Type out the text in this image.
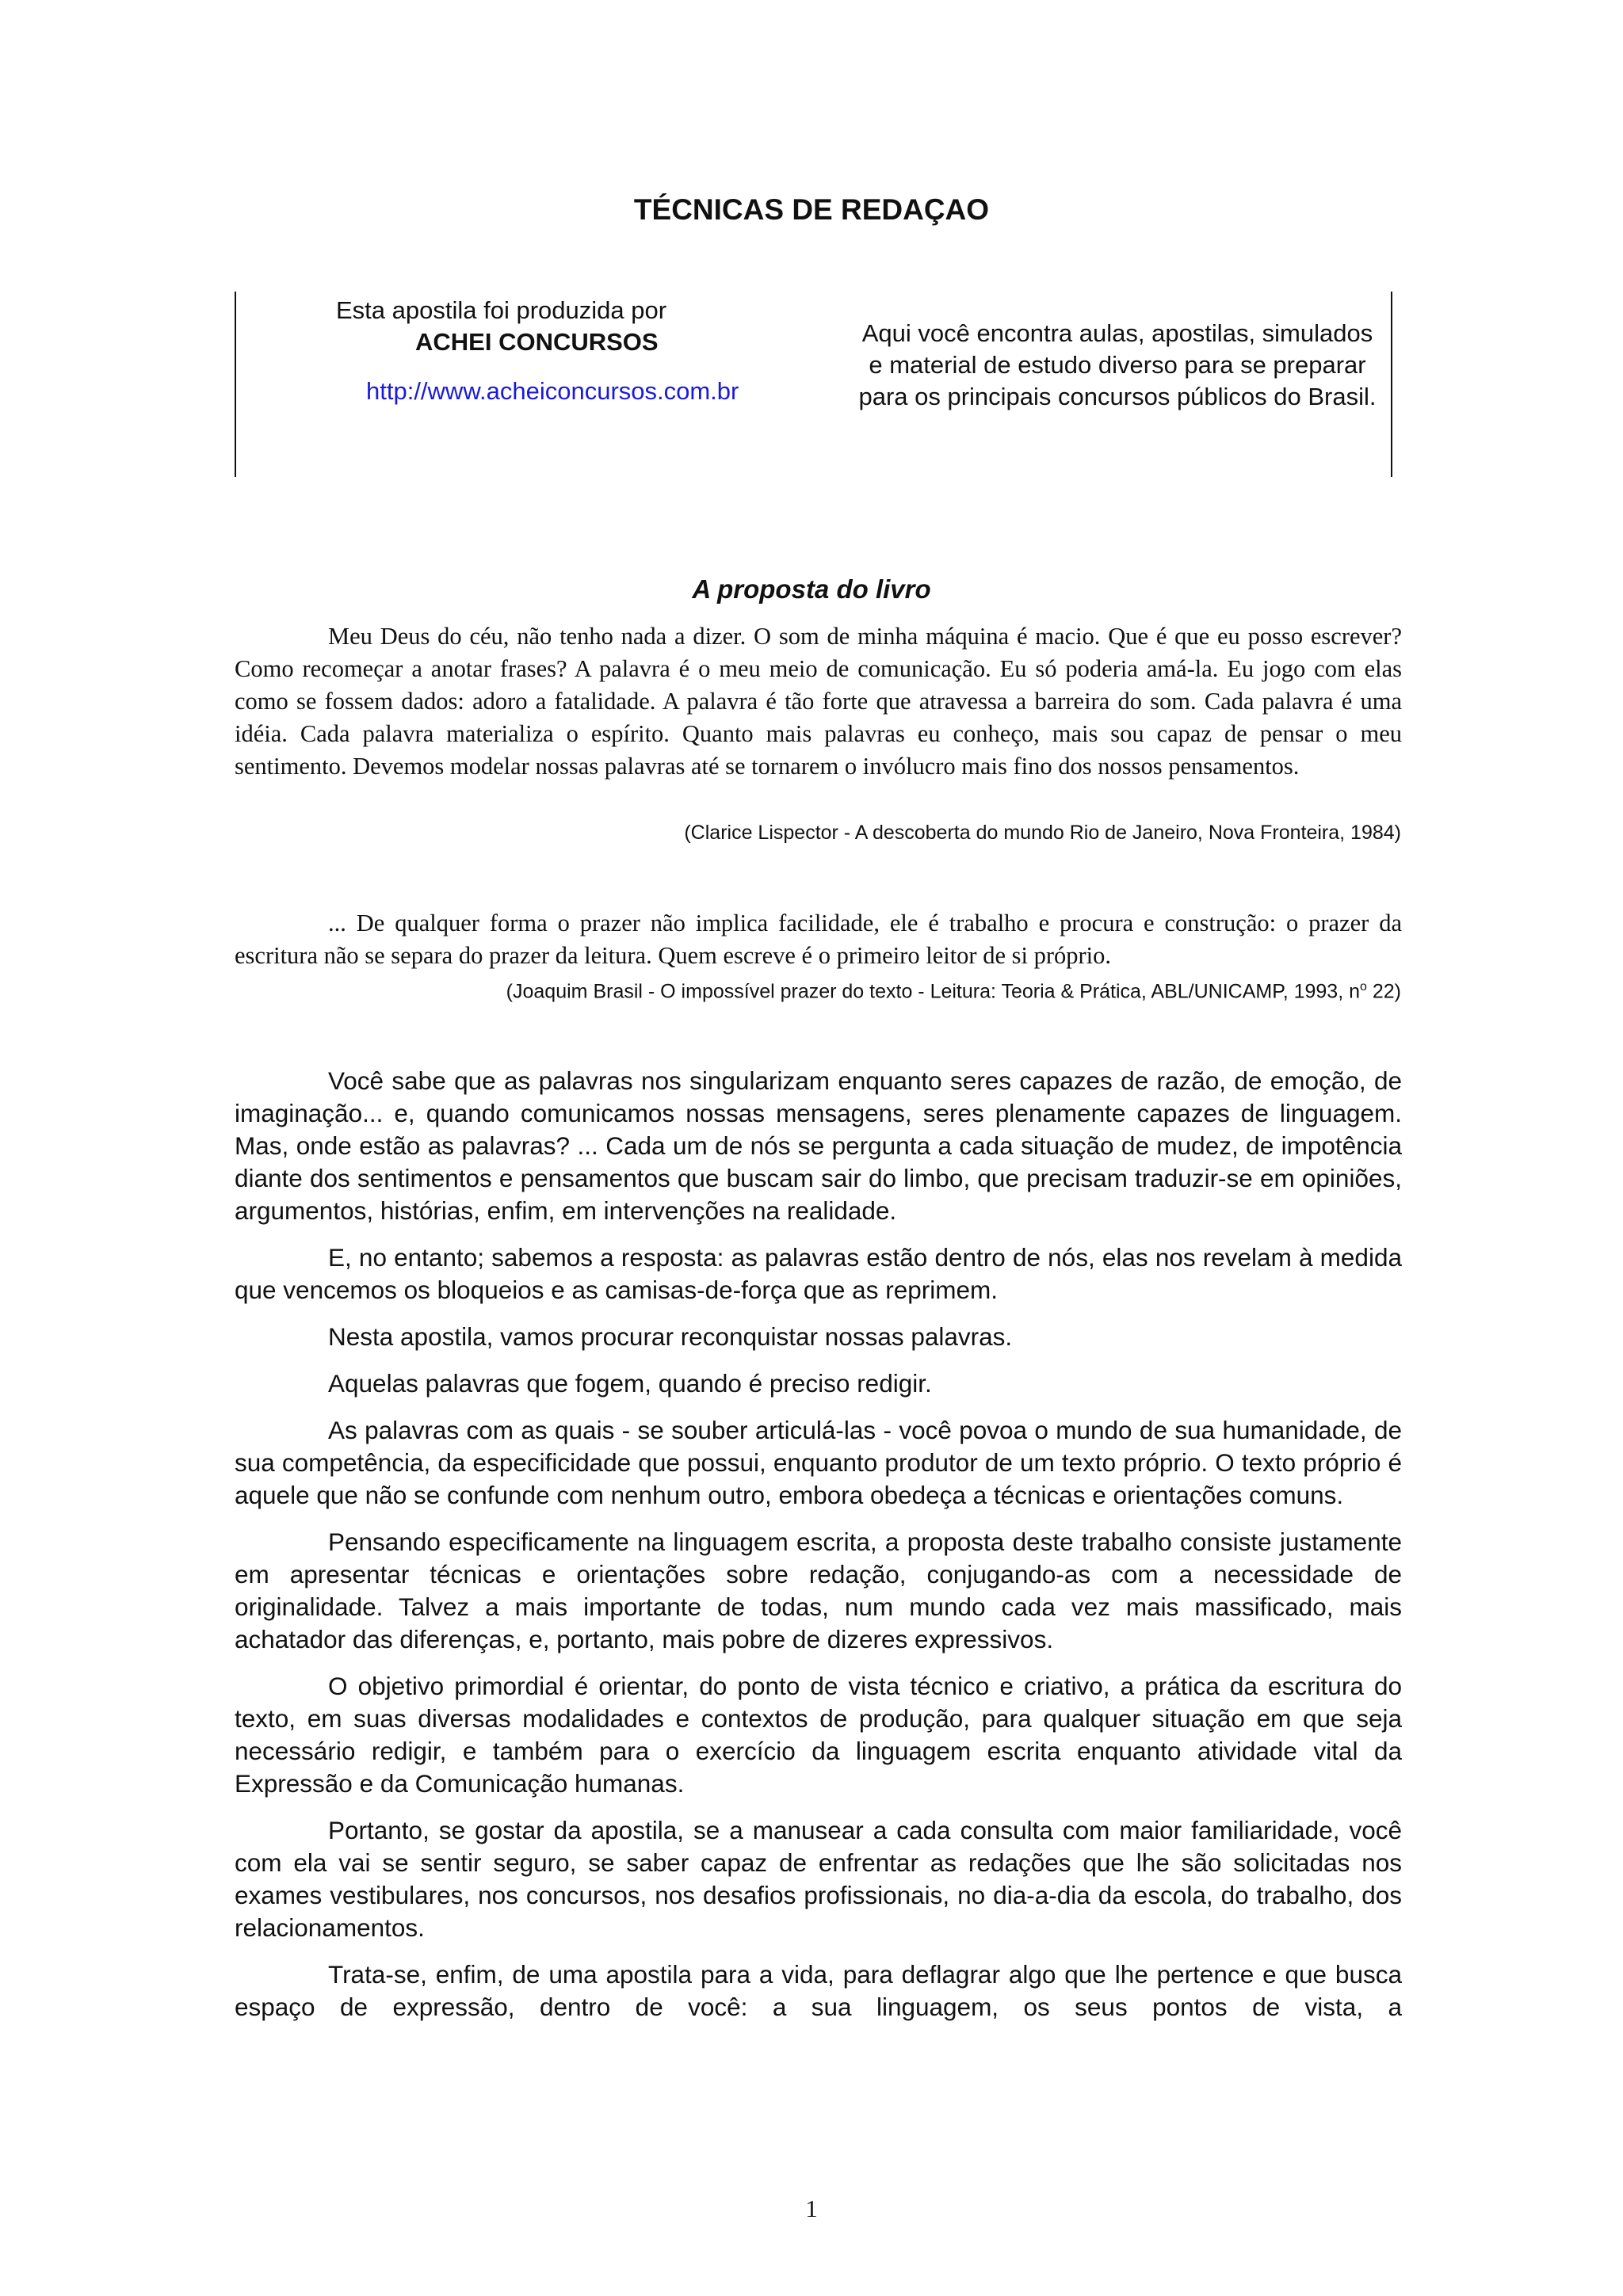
TÉCNICAS DE REDAÇAO
Esta apostila foi produzida por
ACHEI CONCURSOS
http://www.acheiconcursos.com.br
Aqui você encontra aulas, apostilas, simulados e material de estudo diverso para se preparar para os principais concursos públicos do Brasil.
A proposta do livro
Meu Deus do céu, não tenho nada a dizer. O som de minha máquina é macio. Que é que eu posso escrever? Como recomeçar a anotar frases? A palavra é o meu meio de comunicação. Eu só poderia amá-la. Eu jogo com elas como se fossem dados: adoro a fatalidade. A palavra é tão forte que atravessa a barreira do som. Cada palavra é uma idéia. Cada palavra materializa o espírito. Quanto mais palavras eu conheço, mais sou capaz de pensar o meu sentimento. Devemos modelar nossas palavras até se tornarem o invólucro mais fino dos nossos pensamentos.
(Clarice Lispector - A descoberta do mundo Rio de Janeiro, Nova Fronteira, 1984)
... De qualquer forma o prazer não implica facilidade, ele é trabalho e procura e construção: o prazer da escritura não se separa do prazer da leitura. Quem escreve é o primeiro leitor de si próprio.
(Joaquim Brasil - O impossível prazer do texto - Leitura: Teoria & Prática, ABL/UNICAMP, 1993, $n^o$ 22)

Você sabe que as palavras nos singularizam enquanto seres capazes de razão, de emoção, de imaginação... e, quando comunicamos nossas mensagens, seres plenamente capazes de linguagem. Mas, onde estão as palavras? ... Cada um de nós se pergunta a cada situação de mudez, de impotência diante dos sentimentos e pensamentos que buscam sair do limbo, que precisam traduzir-se em opiniões, argumentos, histórias, enfim, em intervenções na realidade.

E, no entanto; sabemos a resposta: as palavras estão dentro de nós, elas nos revelam à medida que vencemos os bloqueios e as camisas-de-força que as reprimem.

Nesta apostila, vamos procurar reconquistar nossas palavras.

Aquelas palavras que fogem, quando é preciso redigir.

As palavras com as quais - se souber articulá-las - você povoa o mundo de sua humanidade, de sua competência, da especificidade que possui, enquanto produtor de um texto próprio. O texto próprio é aquele que não se confunde com nenhum outro, embora obedeça a técnicas e orientações comuns.

Pensando especificamente na linguagem escrita, a proposta deste trabalho consiste justamente em apresentar técnicas e orientações sobre redação, conjugando-as com a necessidade de originalidade. Talvez a mais importante de todas, num mundo cada vez mais massificado, mais achatador das diferenças, e, portanto, mais pobre de dizeres expressivos.

O objetivo primordial é orientar, do ponto de vista técnico e criativo, a prática da escritura do texto, em suas diversas modalidades e contextos de produção, para qualquer situação em que seja necessário redigir, e também para o exercício da linguagem escrita enquanto atividade vital da Expressão e da Comunicação humanas.

Portanto, se gostar da apostila, se a manusear a cada consulta com maior familiaridade, você com ela vai se sentir seguro, se saber capaz de enfrentar as redações que lhe são solicitadas nos exames vestibulares, nos concursos, nos desafios profissionais, no dia-a-dia da escola, do trabalho, dos relacionamentos.

Trata-se, enfim, de uma apostila para a vida, para deflagrar algo que lhe pertence e que busca espaço de expressão, dentro de você: a sua linguagem, os seus pontos de vista, a

1
